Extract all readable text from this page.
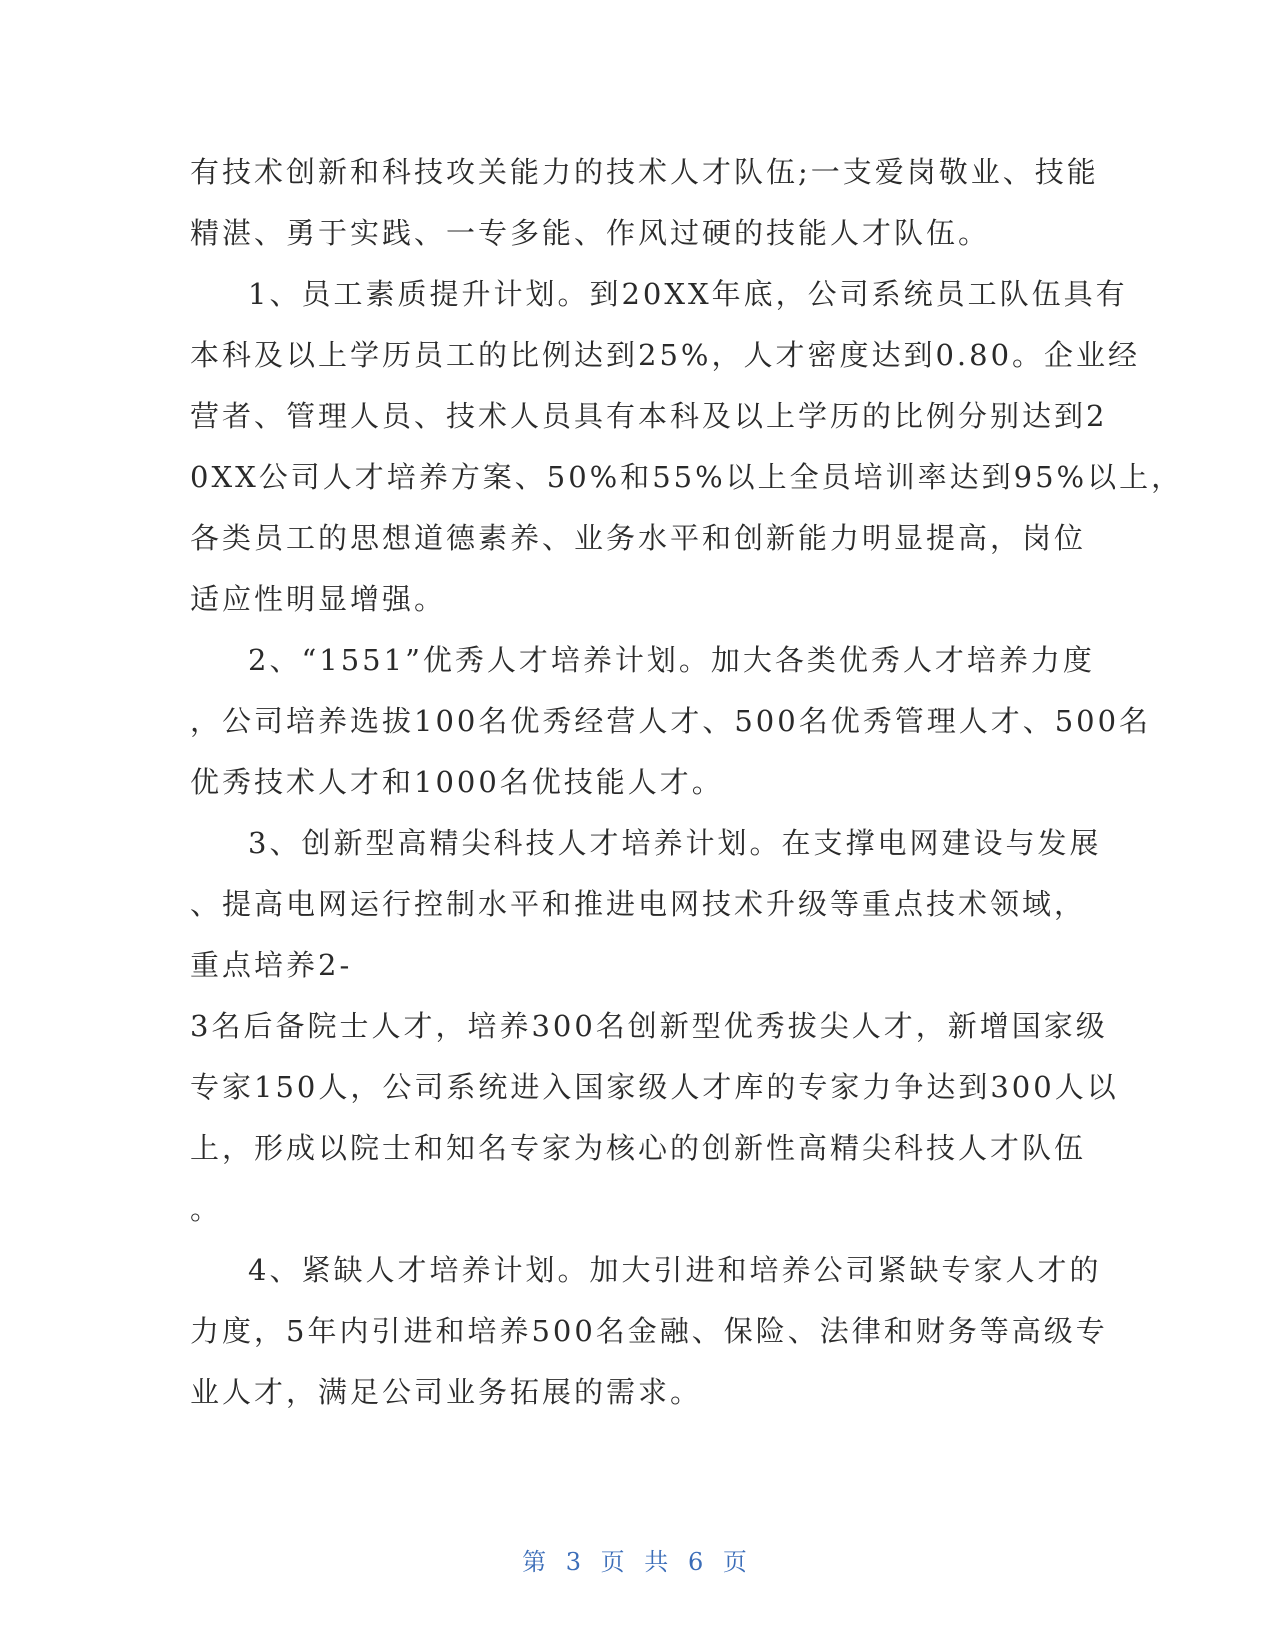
有技术创新和科技攻关能力的技术人才队伍;一支爱岗敬业、技能
精湛、勇于实践、一专多能、作风过硬的技能人才队伍。
1、员工素质提升计划。到20XX年底，公司系统员工队伍具有
本科及以上学历员工的比例达到25%，人才密度达到0.80。企业经
营者、管理人员、技术人员具有本科及以上学历的比例分别达到2
0XX公司人才培养方案、50%和55%以上全员培训率达到95%以上，
各类员工的思想道德素养、业务水平和创新能力明显提高，岗位
适应性明显增强。
2、“1551”优秀人才培养计划。加大各类优秀人才培养力度
，公司培养选拔100名优秀经营人才、500名优秀管理人才、500名
优秀技术人才和1000名优技能人才。
3、创新型高精尖科技人才培养计划。在支撑电网建设与发展
、提高电网运行控制水平和推进电网技术升级等重点技术领域，
重点培养2-
3名后备院士人才，培养300名创新型优秀拔尖人才，新增国家级
专家150人，公司系统进入国家级人才库的专家力争达到300人以
上，形成以院士和知名专家为核心的创新性高精尖科技人才队伍
。
4、紧缺人才培养计划。加大引进和培养公司紧缺专家人才的
力度，5年内引进和培养500名金融、保险、法律和财务等高级专
业人才，满足公司业务拓展的需求。
第 3 页 共 6 页
